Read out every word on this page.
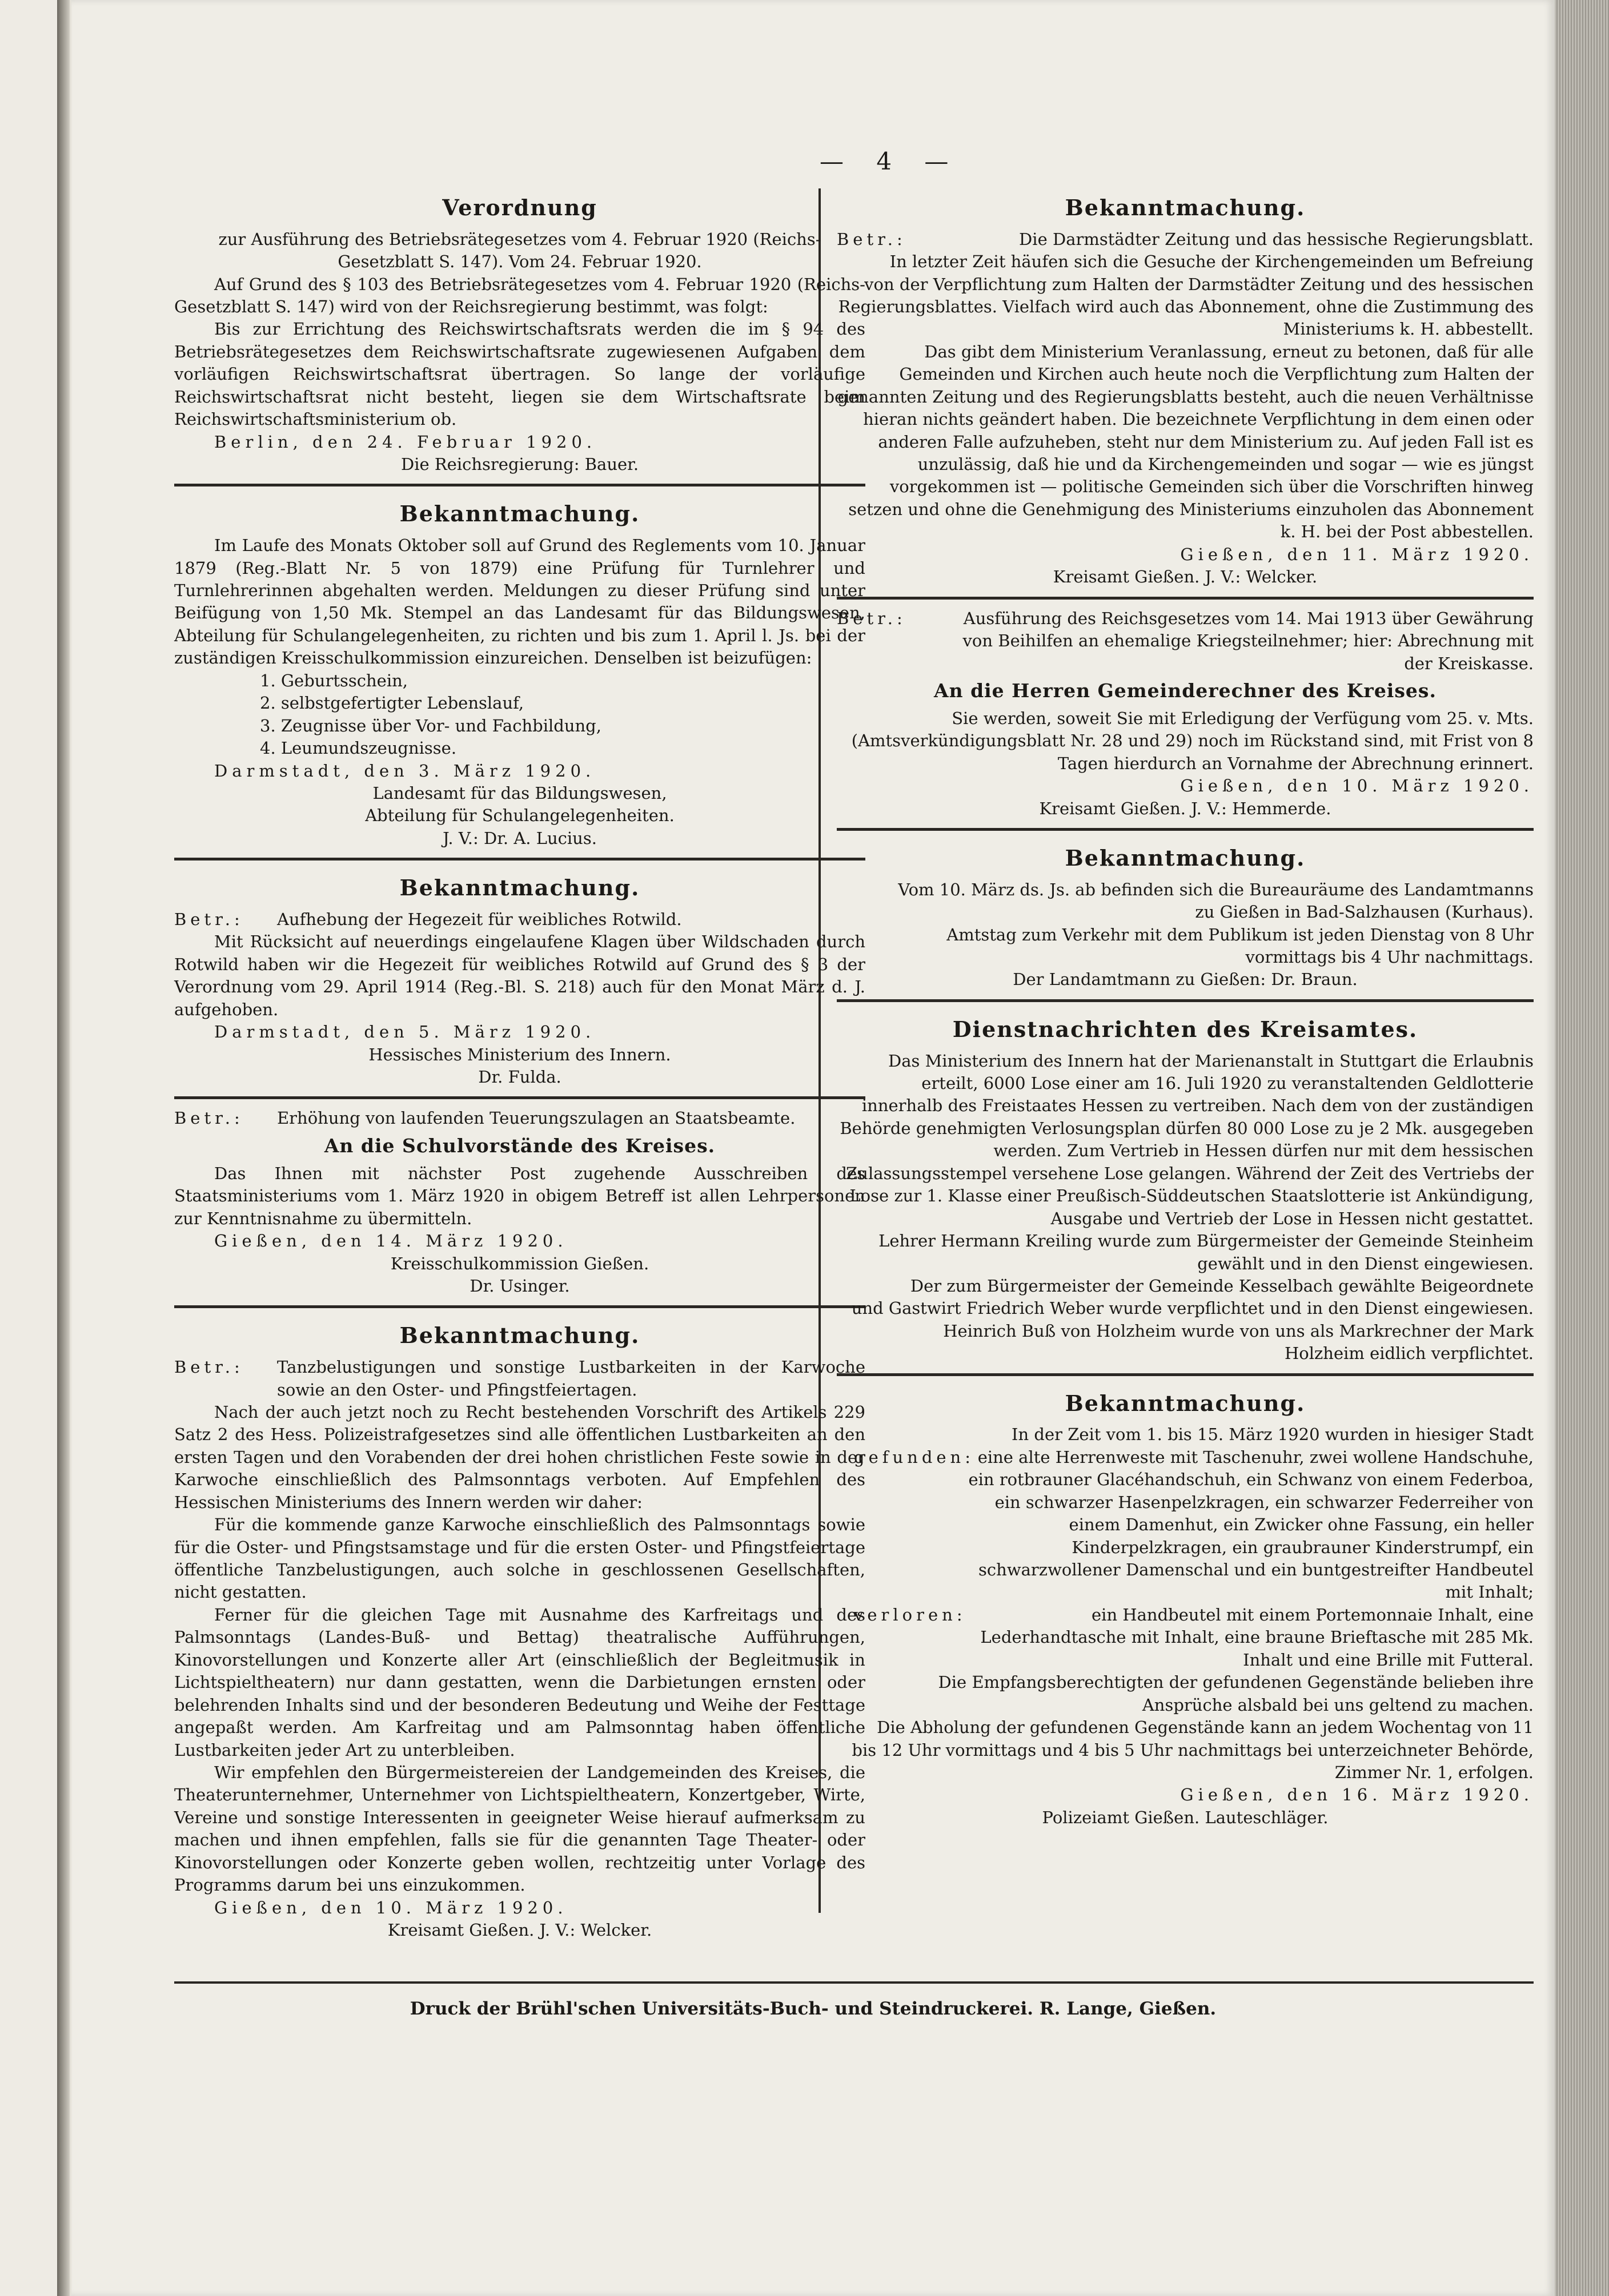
— 4 —
Verordnung

zur Ausführung des Betriebsrätegesetzes vom 4. Februar 1920 (Reichs-Gesetzblatt S. 147). Vom 24. Februar 1920.

Auf Grund des § 103 des Betriebsrätegesetzes vom 4. Februar 1920 (Reichs-Gesetzblatt S. 147) wird von der Reichsregierung bestimmt, was folgt:

Bis zur Errichtung des Reichswirtschaftsrats werden die im § 94 des Betriebsrätegesetzes dem Reichswirtschaftsrate zugewiesenen Aufgaben dem vorläufigen Reichswirtschaftsrat übertragen. So lange der vorläufige Reichswirtschaftsrat nicht besteht, liegen sie dem Wirtschaftsrate beim Reichswirtschaftsministerium ob.

Berlin, den 24. Februar 1920.

Die Reichsregierung: Bauer.

Bekanntmachung.

Im Laufe des Monats Oktober soll auf Grund des Reglements vom 10. Januar 1879 (Reg.-Blatt Nr. 5 von 1879) eine Prüfung für Turnlehrer und Turnlehrerinnen abgehalten werden. Meldungen zu dieser Prüfung sind unter Beifügung von 1,50 Mk. Stempel an das Landesamt für das Bildungswesen, Abteilung für Schulangelegenheiten, zu richten und bis zum 1. April l. Js. bei der zuständigen Kreisschulkommission einzureichen. Denselben ist beizufügen:

1. Geburtsschein,
2. selbstgefertigter Lebenslauf,
3. Zeugnisse über Vor- und Fachbildung,
4. Leumundszeugnisse.

Darmstadt, den 3. März 1920.

Landesamt für das Bildungswesen,

Abteilung für Schulangelegenheiten.

J. V.: Dr. A. Lucius.

Bekanntmachung.

Betr.: Aufhebung der Hegezeit für weibliches Rotwild.

Mit Rücksicht auf neuerdings eingelaufene Klagen über Wildschaden durch Rotwild haben wir die Hegezeit für weibliches Rotwild auf Grund des § 3 der Verordnung vom 29. April 1914 (Reg.-Bl. S. 218) auch für den Monat März d. J. aufgehoben.

Darmstadt, den 5. März 1920.

Hessisches Ministerium des Innern.

Dr. Fulda.

Betr.: Erhöhung von laufenden Teuerungszulagen an Staatsbeamte.

An die Schulvorstände des Kreises.

Das Ihnen mit nächster Post zugehende Ausschreiben des Staatsministeriums vom 1. März 1920 in obigem Betreff ist allen Lehrpersonen zur Kenntnisnahme zu übermitteln.

Gießen, den 14. März 1920.

Kreisschulkommission Gießen.

Dr. Usinger.

Bekanntmachung.

Betr.: Tanzbelustigungen und sonstige Lustbarkeiten in der Karwoche sowie an den Oster- und Pfingstfeiertagen.

Nach der auch jetzt noch zu Recht bestehenden Vorschrift des Artikels 229 Satz 2 des Hess. Polizeistrafgesetzes sind alle öffentlichen Lustbarkeiten an den ersten Tagen und den Vorabenden der drei hohen christlichen Feste sowie in der Karwoche einschließlich des Palmsonntags verboten. Auf Empfehlen des Hessischen Ministeriums des Innern werden wir daher:

Für die kommende ganze Karwoche einschließlich des Palmsonntags sowie für die Oster- und Pfingstsamstage und für die ersten Oster- und Pfingstfeiertage öffentliche Tanzbelustigungen, auch solche in geschlossenen Gesellschaften, nicht gestatten.

Ferner für die gleichen Tage mit Ausnahme des Karfreitags und des Palmsonntags (Landes-Buß- und Bettag) theatralische Aufführungen, Kinovorstellungen und Konzerte aller Art (einschließlich der Begleitmusik in Lichtspieltheatern) nur dann gestatten, wenn die Darbietungen ernsten oder belehrenden Inhalts sind und der besonderen Bedeutung und Weihe der Festtage angepaßt werden. Am Karfreitag und am Palmsonntag haben öffentliche Lustbarkeiten jeder Art zu unterbleiben.

Wir empfehlen den Bürgermeistereien der Landgemeinden des Kreises, die Theaterunternehmer, Unternehmer von Lichtspieltheatern, Konzertgeber, Wirte, Vereine und sonstige Interessenten in geeigneter Weise hierauf aufmerksam zu machen und ihnen empfehlen, falls sie für die genannten Tage Theater- oder Kinovorstellungen oder Konzerte geben wollen, rechtzeitig unter Vorlage des Programms darum bei uns einzukommen.

Gießen, den 10. März 1920.

Kreisamt Gießen. J. V.: Welcker.

Bekanntmachung.

Betr.:	Die Darmstädter Zeitung und das hessische Regierungsblatt.

In letzter Zeit häufen sich die Gesuche der Kirchengemeinden um Befreiung von der Verpflichtung zum Halten der Darmstädter Zeitung und des hessischen Regierungsblattes. Vielfach wird auch das Abonnement, ohne die Zustimmung des Ministeriums k. H. abbestellt.

Das gibt dem Ministerium Veranlassung, erneut zu betonen, daß für alle Gemeinden und Kirchen auch heute noch die Verpflichtung zum Halten der genannten Zeitung und des Regierungsblatts besteht, auch die neuen Verhältnisse hieran nichts geändert haben. Die bezeichnete Verpflichtung in dem einen oder anderen Falle aufzuheben, steht nur dem Ministerium zu. Auf jeden Fall ist es unzulässig, daß hie und da Kirchengemeinden und sogar — wie es jüngst vorgekommen ist — politische Gemeinden sich über die Vorschriften hinweg setzen und ohne die Genehmigung des Ministeriums einzuholen das Abonnement k. H. bei der Post abbestellen.

Gießen, den 11. März 1920.

Kreisamt Gießen. J. V.: Welcker.

Betr.:	Ausführung des Reichsgesetzes vom 14. Mai 1913 über Gewährung von Beihilfen an ehemalige Kriegsteilnehmer; hier: Abrechnung mit der Kreiskasse.

An die Herren Gemeinderechner des Kreises.

Sie werden, soweit Sie mit Erledigung der Verfügung vom 25. v. Mts. (Amtsverkündigungsblatt Nr. 28 und 29) noch im Rückstand sind, mit Frist von 8 Tagen hierdurch an Vornahme der Abrechnung erinnert.

Gießen, den 10. März 1920.

Kreisamt Gießen. J. V.: Hemmerde.

Bekanntmachung.

Vom 10. März ds. Js. ab befinden sich die Bureauräume des Landamtmanns zu Gießen in Bad-Salzhausen (Kurhaus).

Amtstag zum Verkehr mit dem Publikum ist jeden Dienstag von 8 Uhr vormittags bis 4 Uhr nachmittags.

Der Landamtmann zu Gießen: Dr. Braun.

Dienstnachrichten des Kreisamtes.

Das Ministerium des Innern hat der Marienanstalt in Stuttgart die Erlaubnis erteilt, 6000 Lose einer am 16. Juli 1920 zu veranstaltenden Geldlotterie innerhalb des Freistaates Hessen zu vertreiben. Nach dem von der zuständigen Behörde genehmigten Verlosungsplan dürfen 80 000 Lose zu je 2 Mk. ausgegeben werden. Zum Vertrieb in Hessen dürfen nur mit dem hessischen Zulassungsstempel versehene Lose gelangen. Während der Zeit des Vertriebs der Lose zur 1. Klasse einer Preußisch-Süddeutschen Staatslotterie ist Ankündigung, Ausgabe und Vertrieb der Lose in Hessen nicht gestattet.

Lehrer Hermann Kreiling wurde zum Bürgermeister der Gemeinde Steinheim gewählt und in den Dienst eingewiesen.

Der zum Bürgermeister der Gemeinde Kesselbach gewählte Beigeordnete und Gastwirt Friedrich Weber wurde verpflichtet und in den Dienst eingewiesen.

Heinrich Buß von Holzheim wurde von uns als Markrechner der Mark Holzheim eidlich verpflichtet.

Bekanntmachung.

In der Zeit vom 1. bis 15. März 1920 wurden in hiesiger Stadt

gefunden: eine alte Herrenweste mit Taschenuhr, zwei wollene Handschuhe, ein rotbrauner Glacéhandschuh, ein Schwanz von einem Federboa, ein schwarzer Hasenpelzkragen, ein schwarzer Federreiher von einem Damenhut, ein Zwicker ohne Fassung, ein heller Kinderpelzkragen, ein graubrauner Kinderstrumpf, ein schwarzwollener Damenschal und ein buntgestreifter Handbeutel mit Inhalt;

verloren:	ein Handbeutel mit einem Portemonnaie Inhalt, eine Lederhandtasche mit Inhalt, eine braune Brieftasche mit 285 Mk. Inhalt und eine Brille mit Futteral.

Die Empfangsberechtigten der gefundenen Gegenstände belieben ihre Ansprüche alsbald bei uns geltend zu machen.

Die Abholung der gefundenen Gegenstände kann an jedem Wochentag von 11 bis 12 Uhr vormittags und 4 bis 5 Uhr nachmittags bei unterzeichneter Behörde, Zimmer Nr. 1, erfolgen.

Gießen, den 16. März 1920.

Polizeiamt Gießen. Lauteschläger.

Druck der Brühl'schen Universitäts-Buch- und Steindruckerei. R. Lange, Gießen.
